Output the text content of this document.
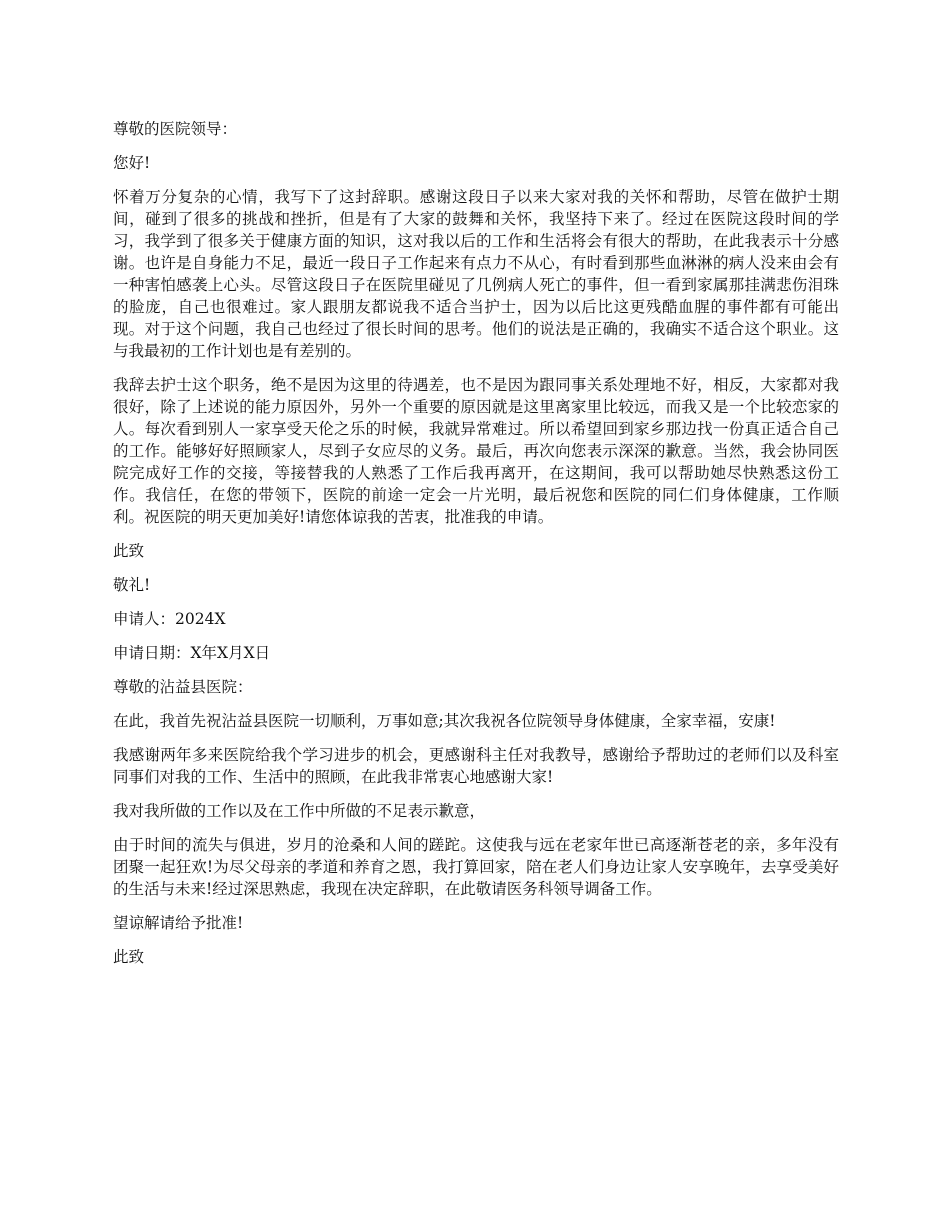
尊敬的医院领导：

您好!

怀着万分复杂的心情，我写下了这封辞职。感谢这段日子以来大家对我的关怀和帮助，尽管在做护士期间，碰到了很多的挑战和挫折，但是有了大家的鼓舞和关怀，我坚持下来了。经过在医院这段时间的学习，我学到了很多关于健康方面的知识，这对我以后的工作和生活将会有很大的帮助，在此我表示十分感谢。也许是自身能力不足，最近一段日子工作起来有点力不从心，有时看到那些血淋淋的病人没来由会有一种害怕感袭上心头。尽管这段日子在医院里碰见了几例病人死亡的事件，但一看到家属那挂满悲伤泪珠的脸庞，自己也很难过。家人跟朋友都说我不适合当护士，因为以后比这更残酷血腥的事件都有可能出现。对于这个问题，我自己也经过了很长时间的思考。他们的说法是正确的，我确实不适合这个职业。这与我最初的工作计划也是有差别的。

我辞去护士这个职务，绝不是因为这里的待遇差，也不是因为跟同事关系处理地不好，相反，大家都对我很好，除了上述说的能力原因外，另外一个重要的原因就是这里离家里比较远，而我又是一个比较恋家的人。每次看到别人一家享受天伦之乐的时候，我就异常难过。所以希望回到家乡那边找一份真正适合自己的工作。能够好好照顾家人，尽到子女应尽的义务。最后，再次向您表示深深的歉意。当然，我会协同医院完成好工作的交接，等接替我的人熟悉了工作后我再离开，在这期间，我可以帮助她尽快熟悉这份工作。我信任，在您的带领下，医院的前途一定会一片光明，最后祝您和医院的同仁们身体健康，工作顺利。祝医院的明天更加美好!请您体谅我的苦衷，批准我的申请。

此致

敬礼!

申请人：2024X

申请日期：X年X月X日

尊敬的沾益县医院：

在此，我首先祝沾益县医院一切顺利，万事如意;其次我祝各位院领导身体健康，全家幸福，安康!

我感谢两年多来医院给我个学习进步的机会，更感谢科主任对我教导，感谢给予帮助过的老师们以及科室同事们对我的工作、生活中的照顾，在此我非常衷心地感谢大家!

我对我所做的工作以及在工作中所做的不足表示歉意，

由于时间的流失与俱进，岁月的沧桑和人间的蹉跎。这使我与远在老家年世已高逐渐苍老的亲，多年没有团聚一起狂欢!为尽父母亲的孝道和养育之恩，我打算回家，陪在老人们身边让家人安享晚年，去享受美好的生活与未来!经过深思熟虑，我现在决定辞职，在此敬请医务科领导调备工作。

望谅解请给予批准!

此致
